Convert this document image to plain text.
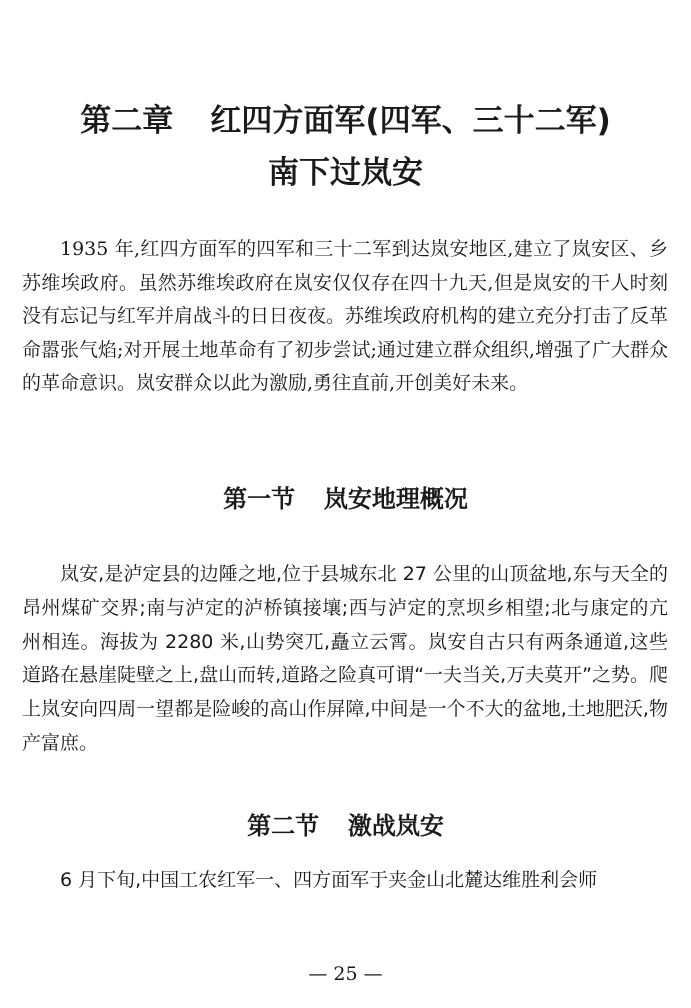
第二章 红四方面军(四军、三十二军)
南下过岚安

1935 年,红四方面军的四军和三十二军到达岚安地区,建立了岚安区、乡苏维埃政府。虽然苏维埃政府在岚安仅仅存在四十九天,但是岚安的干人时刻没有忘记与红军并肩战斗的日日夜夜。苏维埃政府机构的建立充分打击了反革命嚣张气焰;对开展土地革命有了初步尝试;通过建立群众组织,增强了广大群众的革命意识。岚安群众以此为激励,勇往直前,开创美好未来。

第一节 岚安地理概况

岚安,是泸定县的边陲之地,位于县城东北 27 公里的山顶盆地,东与天全的昂州煤矿交界;南与泸定的泸桥镇接壤;西与泸定的烹坝乡相望;北与康定的亢州相连。海拔为 2280 米,山势突兀,矗立云霄。岚安自古只有两条通道,这些道路在悬崖陡壁之上,盘山而转,道路之险真可谓“一夫当关,万夫莫开”之势。爬上岚安向四周一望都是险峻的高山作屏障,中间是一个不大的盆地,土地肥沃,物产富庶。

第二节 激战岚安

6 月下旬,中国工农红军一、四方面军于夹金山北麓达维胜利会师

— 25 —
